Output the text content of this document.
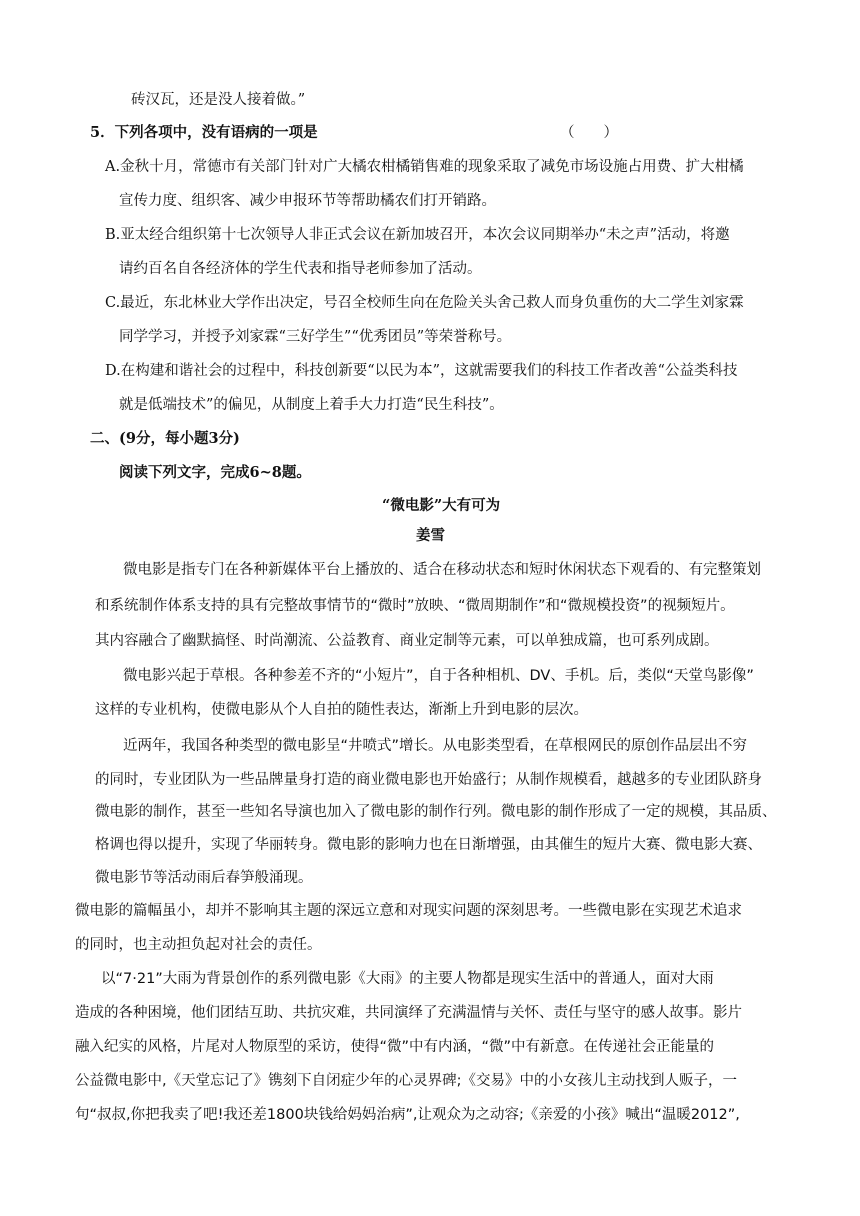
砖汉瓦，还是没人接着做。”
5．下列各项中，没有语病的一项是	（　　）
A.金秋十月，常德市有关部门针对广大橘农柑橘销售难的现象采取了减免市场设施占用费、扩大柑橘
宣传力度、组织客、减少申报环节等帮助橘农们打开销路。
B.亚太经合组织第十七次领导人非正式会议在新加坡召开，本次会议同期举办“未之声”活动，将邀
请约百名自各经济体的学生代表和指导老师参加了活动。
C.最近，东北林业大学作出决定，号召全校师生向在危险关头舍己救人而身负重伤的大二学生刘家霖
同学学习，并授予刘家霖“三好学生”“优秀团员”等荣誉称号。
D.在构建和谐社会的过程中，科技创新要“以民为本”，这就需要我们的科技工作者改善“公益类科技
就是低端技术”的偏见，从制度上着手大力打造“民生科技”。
二、(9分，每小题3分)
阅读下列文字，完成6~8题。
“微电影”大有可为
姜雪
微电影是指专门在各种新媒体平台上播放的、适合在移动状态和短时休闲状态下观看的、有完整策划
和系统制作体系支持的具有完整故事情节的“微时”放映、“微周期制作”和“微规模投资”的视频短片。
其内容融合了幽默搞怪、时尚潮流、公益教育、商业定制等元素，可以单独成篇，也可系列成剧。
微电影兴起于草根。各种参差不齐的“小短片”，自于各种相机、DV、手机。后，类似“天堂鸟影像”
这样的专业机构，使微电影从个人自拍的随性表达，渐渐上升到电影的层次。
近两年，我国各种类型的微电影呈“井喷式”增长。从电影类型看，在草根网民的原创作品层出不穷
的同时，专业团队为一些品牌量身打造的商业微电影也开始盛行；从制作规模看，越越多的专业团队跻身
微电影的制作，甚至一些知名导演也加入了微电影的制作行列。微电影的制作形成了一定的规模，其品质、
格调也得以提升，实现了华丽转身。微电影的影响力也在日渐增强，由其催生的短片大赛、微电影大赛、
微电影节等活动雨后春笋般涌现。
微电影的篇幅虽小，却并不影响其主题的深远立意和对现实问题的深刻思考。一些微电影在实现艺术追求
的同时，也主动担负起对社会的责任。
以“7·21”大雨为背景创作的系列微电影《大雨》的主要人物都是现实生活中的普通人，面对大雨
造成的各种困境，他们团结互助、共抗灾难，共同演绎了充满温情与关怀、责任与坚守的感人故事。影片
融入纪实的风格，片尾对人物原型的采访，使得“微”中有内涵，“微”中有新意。在传递社会正能量的
公益微电影中,《天堂忘记了》镌刻下自闭症少年的心灵界碑;《交易》中的小女孩儿主动找到人贩子，一
句“叔叔,你把我卖了吧!我还差1800块钱给妈妈治病”,让观众为之动容;《亲爱的小孩》喊出“温暖2012”,
